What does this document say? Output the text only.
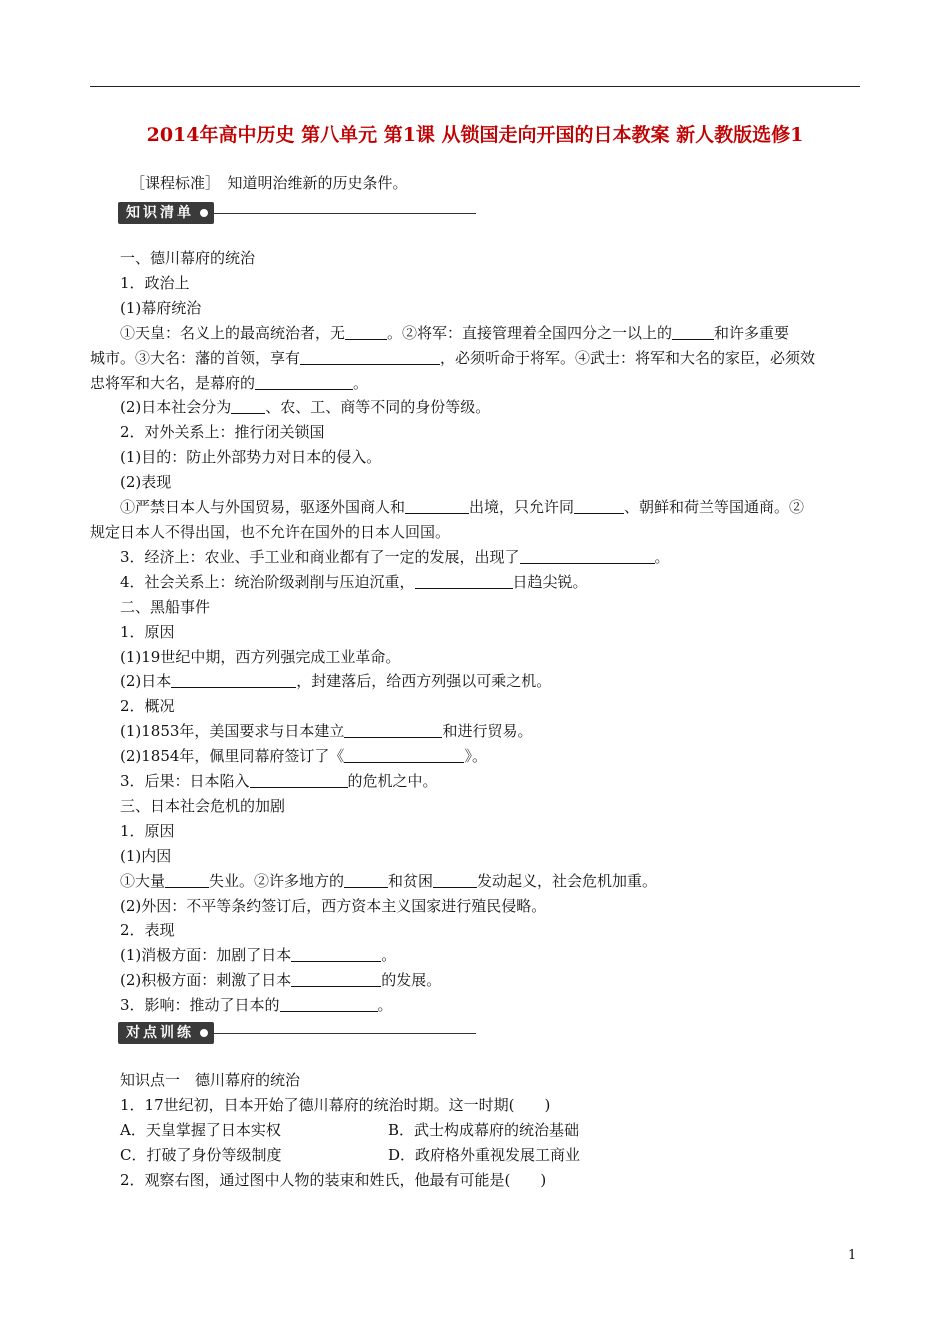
2014年高中历史 第八单元 第1课 从锁国走向开国的日本教案 新人教版选修1
［课程标准］　知道明治维新的历史条件。
知识清单

一、德川幕府的统治

1．政治上

(1)幕府统治

①天皇：名义上的最高统治者，无	。②将军：直接管理着全国四分之一以上的	和许多重要

城市。③大名：藩的首领，享有	，必须听命于将军。④武士：将军和大名的家臣，必须效

忠将军和大名，是幕府的	。

(2)日本社会分为 、农、工、商等不同的身份等级。

2．对外关系上：推行闭关锁国

(1)目的：防止外部势力对日本的侵入。

(2)表现

①严禁日本人与外国贸易，驱逐外国商人和	出境，只允许同	、朝鲜和荷兰等国通商。②

规定日本人不得出国，也不允许在国外的日本人回国。

3．经济上：农业、手工业和商业都有了一定的发展，出现了	。

4．社会关系上：统治阶级剥削与压迫沉重，	日趋尖锐。

二、黑船事件

1．原因

(1)19世纪中期，西方列强完成工业革命。

(2)日本	，封建落后，给西方列强以可乘之机。

2．概况

(1)1853年，美国要求与日本建立	和进行贸易。

(2)1854年，佩里同幕府签订了《	》。

3．后果：日本陷入	的危机之中。

三、日本社会危机的加剧

1．原因

(1)内因

①大量	失业。②许多地方的	和贫困	发动起义，社会危机加重。

(2)外因：不平等条约签订后，西方资本主义国家进行殖民侵略。

2．表现

(1)消极方面：加剧了日本	。

(2)积极方面：刺激了日本	的发展。

3．影响：推动了日本的	。

对点训练

知识点一　德川幕府的统治

1．17世纪初，日本开始了德川幕府的统治时期。这一时期(　　)

A．天皇掌握了日本实权	B．武士构成幕府的统治基础
C．打破了身份等级制度	D．政府格外重视发展工商业

2．观察右图，通过图中人物的装束和姓氏，他最有可能是(　　)

1
